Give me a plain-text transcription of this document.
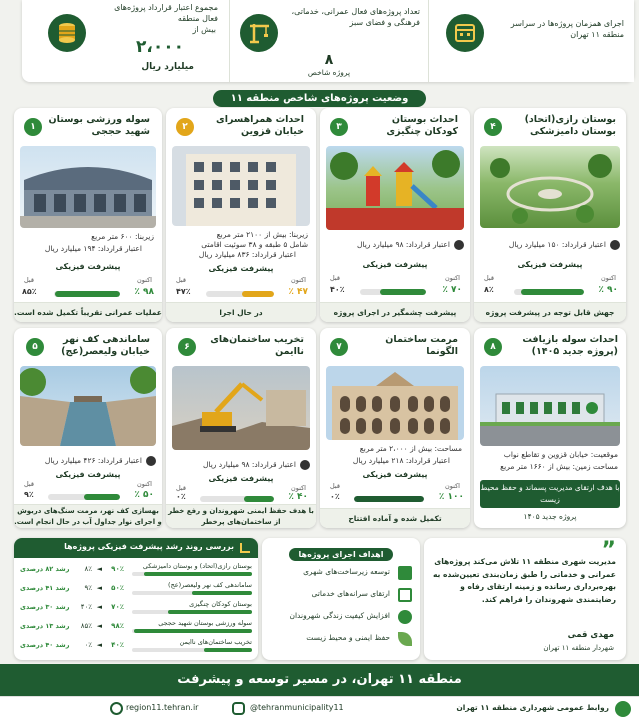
اجرای همزمان پروژه‌ها در سراسر منطقه ۱۱ تهران
تعداد پروژه‌های فعال عمرانی، خدماتی، فرهنگی و فضای سبز
۸
پروژه شاخص
مجموع اعتبار قرارداد پروژه‌های فعال منطقه
بیش از
۲،۰۰۰
میلیارد ریال
وضعیت پروژه‌های شاخص منطقه ۱۱
۴
بوستان رازی(اتحاد) بوستان دامیزشکی
اعتبار قرارداد: ۱۵۰ میلیارد ریال
پیشرفت فیزیکی
اکنون
قبل
۹۰ ٪
۸٪
جهش قابل توجه در پیشرفت پروژه
۳
احداث بوستان کودکان چنگیزی
اعتبار قرارداد: ۹۸ میلیارد ریال
پیشرفت فیزیکی
اکنون
قبل
۷۰ ٪
۴۰٪
پیشرفت چشمگیر در اجرای پروژه
۲
احداث همراهسرای خیابان قزوین
زیربنا: بیش از ۲۱۰۰ متر مربع
شامل ۵ طبقه و ۳۸ سوئیت اقامتی
اعتبار قرارداد: ۸۳۶ میلیارد ریال
پیشرفت فیزیکی
اکنون
قبل
۴۷ ٪
۴۷٪
در حال اجرا
۱
سوله ورزشی بوستان شهید حججی
زیربنا: ۶۰۰ متر مربع
اعتبار قرارداد: ۱۹۴ میلیارد ریال
پیشرفت فیزیکی
اکنون
قبل
۹۸ ٪
۸۵٪
عملیات عمرانی تقریباً تکمیل شده ‌‌است.
۸
احداث سوله بازیافت (پروژه جدید ۱۴۰۵)
موقعیت: خیابان قزوین و تقاطع نواب
مساحت زمین: بیش از ۱۶۶۰ متر مربع
با هدف ارتقای مدیریت پسماند و حفظ محیط زیست
پروژه جدید ۱۴۰۵
۷
مرمت ساختمان الگونما
مساحت: بیش از ۲،۰۰۰ متر مربع
اعتبار قرارداد: ۲۱۸ میلیارد ریال
پیشرفت فیزیکی
اکنون
قبل
۱۰۰ ٪
۰٪
تکمیل شده و آماده افتتاح
۶
تخریب ساختمان‌های ناایمن
اعتبار قرارداد: ۹۸ میلیارد ریال
پیشرفت فیزیکی
اکنون
قبل
۴۰ ٪
۰٪
با هدف حفظ ایمنی شهروندان و رفع خطر از ساختمان‌های پرخطر
۵
ساماندهی کف نهر خیابان ولیعصر(عج)
اعتبار قرارداد: ۴۲۶ میلیارد ریال
پیشرفت فیزیکی
اکنون
قبل
۵۰ ٪
۹٪
بهسازی کف نهر، مرمت سنگ‌های دربوش و اجرای نوار جداول آب در حال انجام است.
”
مدیریت شهری منطقه ۱۱ تلاش می‌کند پروژه‌های عمرانی و خدماتی را طبق زمان‌بندی تعیین‌شده به بهره‌برداری رسانده و زمینه ارتقای رفاه و رضایتمندی شهروندان را فراهم کند.
مهدی قمی
شهردار منطقه ۱۱ تهران
اهداف اجرای پروژه‌ها
توسعه زیرساخت‌های شهری
ارتقای سرانه‌های خدماتی
افزایش کیفیت زندگی شهروندان
حفظ ایمنی و محیط زیست
بررسی روند رشد پیشرفت فیزیکی پروژه‌ها
بوستان رازی(اتحاد) و بوستان دامیزشکی
۹۰٪
◄
۸٪
رشد ۸۲ درصدی
ساماندهی کف نهر ولیعصر(عج)
۵۰٪
◄
۹٪
رشد ۴۱ درصدی
بوستان کودکان چنگیزی
۷۰٪
◄
۴۰٪
رشد ۳۰ درصدی
سوله ورزشی بوستان شهید حججی
۹۸٪
◄
۸۵٪
رشد ۱۳ درصدی
تخریب ساختمان‌های ناایمن
۴۰٪
◄
۰٪
رشد ۴۰ درصدی
منطقه ۱۱ تهران، در مسیر توسعه و پیشرفت
روابط عمومی شهرداری منطقه ۱۱ تهران
@tehranmunicipality11
region11.tehran.ir
